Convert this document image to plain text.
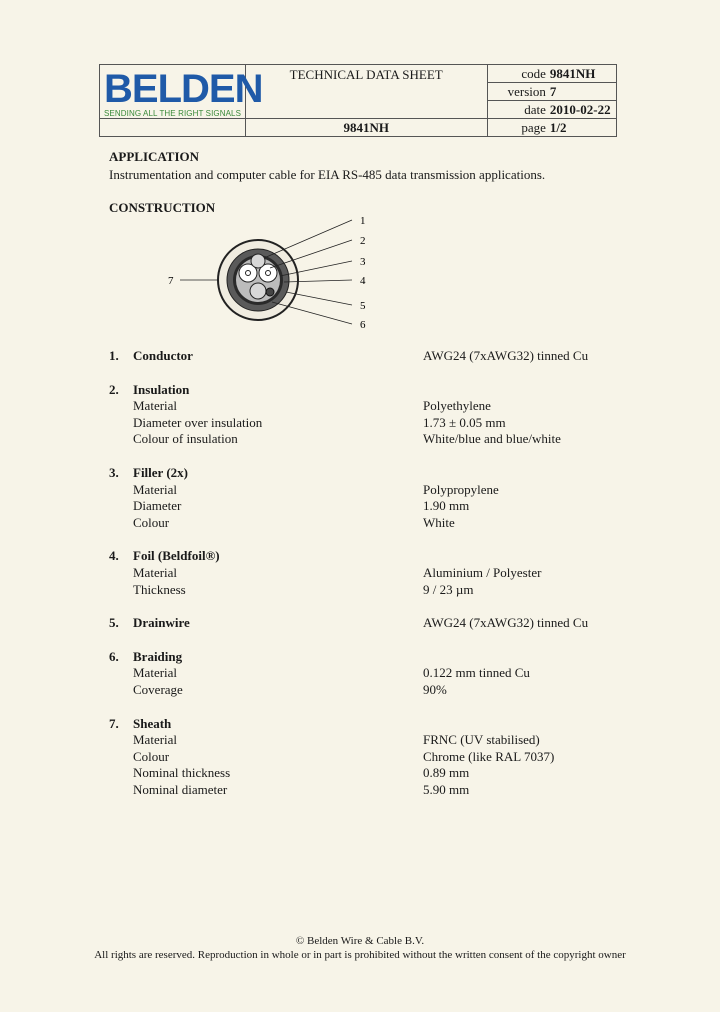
BELDEN
SENDING ALL THE RIGHT SIGNALS	TECHNICAL DATA SHEET	code	9841NH
		version	7
		date	2010-02-22
	9841NH	page	1/2
APPLICATION
Instrumentation and computer cable for EIA RS-485 data transmission applications.
CONSTRUCTION
1
2
3
4
5
6
7
1.	Conductor	AWG24 (7xAWG32) tinned Cu
2.	Insulation
Material	Polyethylene
Diameter over insulation	1.73 ± 0.05 mm
Colour of insulation	White/blue and blue/white
3.	Filler (2x)
Material	Polypropylene
Diameter	1.90 mm
Colour	White
4.	Foil (Beldfoil®)
Material	Aluminium / Polyester
Thickness	9 / 23 µm
5.	Drainwire	AWG24 (7xAWG32) tinned Cu
6.	Braiding
Material	0.122 mm tinned Cu
Coverage	90%
7.	Sheath
Material	FRNC (UV stabilised)
Colour	Chrome (like RAL 7037)
Nominal thickness	0.89 mm
Nominal diameter	5.90 mm
© Belden Wire & Cable B.V.
All rights are reserved. Reproduction in whole or in part is prohibited without the written consent of the copyright owner
